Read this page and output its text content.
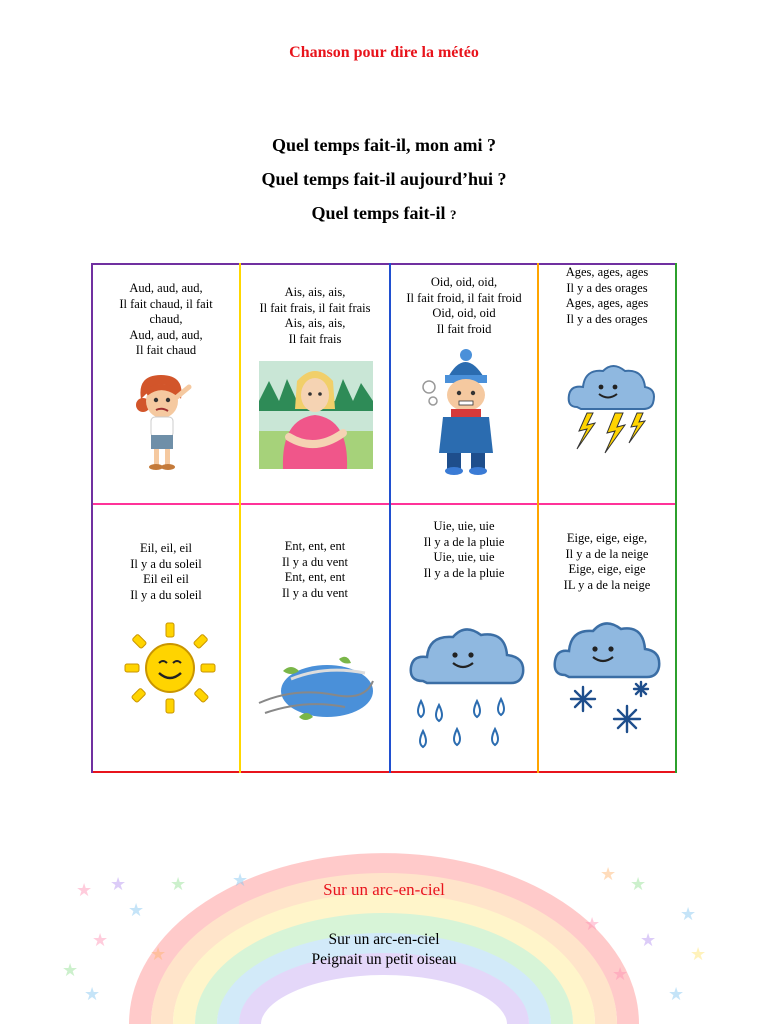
Chanson pour dire la météo
Quel temps fait-il, mon ami ?
Quel temps fait-il aujourd’hui ?
Quel temps fait-il ?
Aud, aud, aud,
Il fait chaud, il fait
chaud,
Aud, aud, aud,
Il fait chaud
Ais, ais, ais,
Il fait frais, il fait frais
Ais, ais, ais,
Il fait frais
Oid, oid, oid,
Il fait froid, il fait froid
Oid, oid, oid
Il fait froid
Ages, ages, ages
Il y a des orages
Ages, ages, ages
Il y a des orages
Eil, eil, eil
Il y a du soleil
Eil eil eil
Il y a du soleil
Ent, ent, ent
Il y a du vent
Ent, ent, ent
Il y a du vent
Uie, uie, uie
Il y a de la pluie
Uie, uie, uie
Il y a de la pluie
Eige, eige, eige,
Il y a de la neige
Eige, eige, eige
IL y a de la neige
★ ★
★
★
★
★
★
★
★	★ ★
★
★
★
★
★
★
Sur un arc-en-ciel
Sur un arc-en-ciel
Peignait un petit oiseau
